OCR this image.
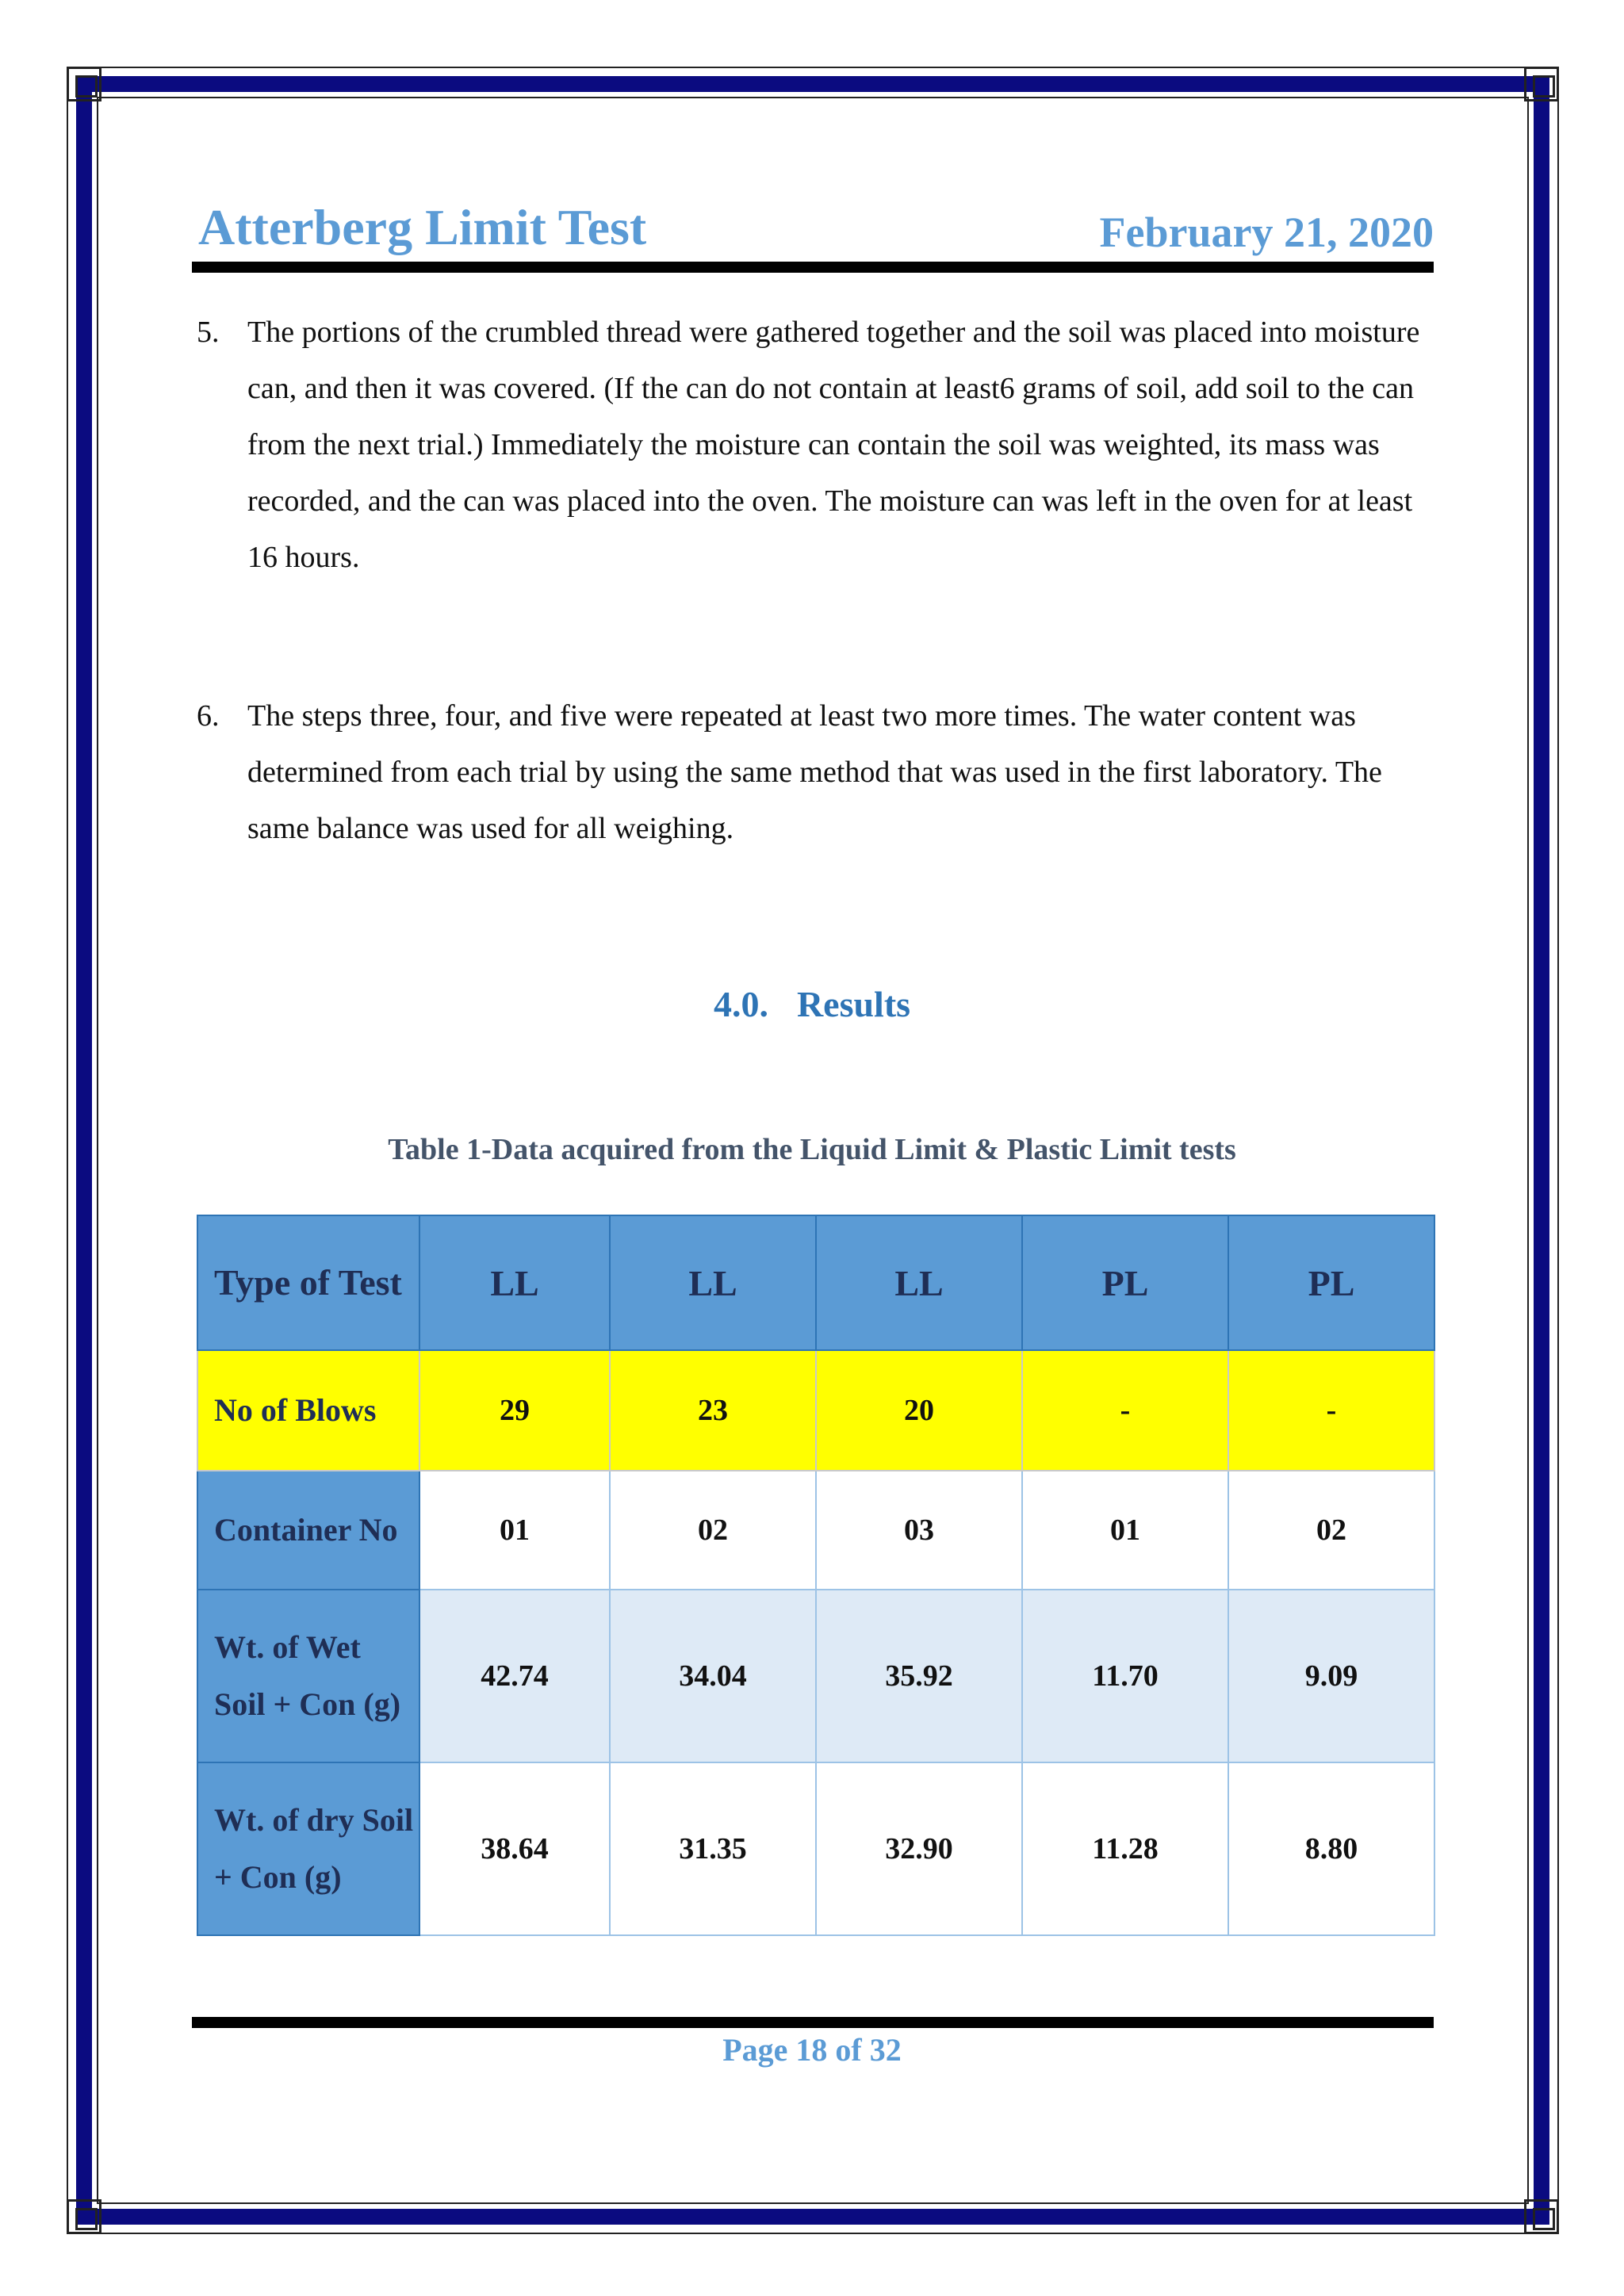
Atterberg Limit Test	February 21, 2020
5. The portions of the crumbled thread were gathered together and the soil was placed into moisture can, and then it was covered. (If the can do not contain at least6 grams of soil, add soil to the can from the next trial.) Immediately the moisture can contain the soil was weighted, its mass was recorded, and the can was placed into the oven. The moisture can was left in the oven for at least 16 hours.
6. The steps three, four, and five were repeated at least two more times. The water content was determined from each trial by using the same method that was used in the first laboratory. The same balance was used for all weighing.
4.0. Results
Table 1-Data acquired from the Liquid Limit & Plastic Limit tests
Type of Test	LL	LL	LL	PL	PL
No of Blows	29	23	20	-	-
Container No	01	02	03	01	02
Wt. of Wet Soil + Con (g)	42.74	34.04	35.92	11.70	9.09
Wt. of dry Soil + Con (g)	38.64	31.35	32.90	11.28	8.80
Page 18 of 32
